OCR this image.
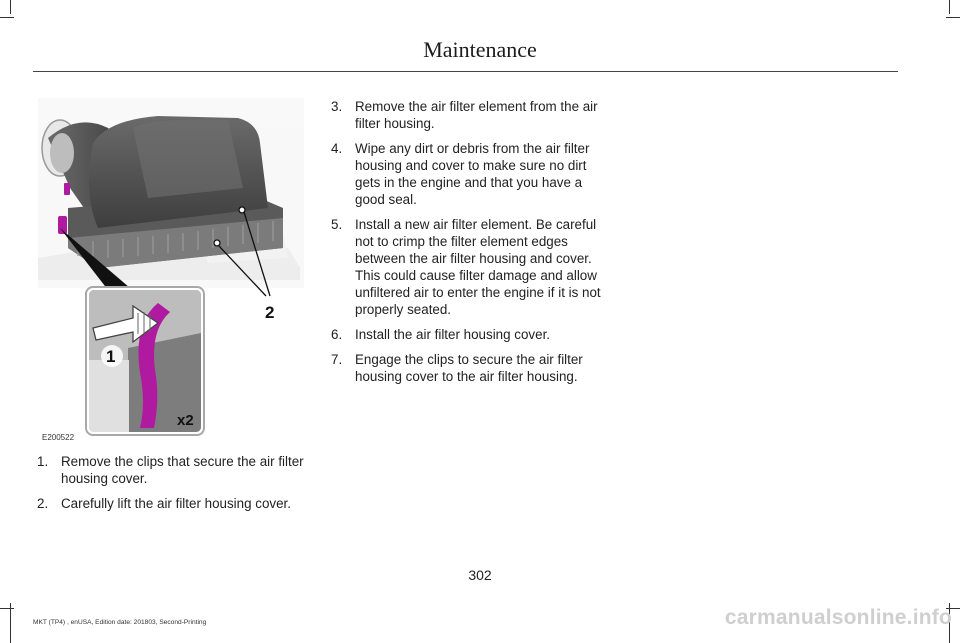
Maintenance
2
1
x2
E200522
1. Remove the clips that secure the air filter housing cover.
2. Carefully lift the air filter housing cover.
3. Remove the air filter element from the air filter housing.
4. Wipe any dirt or debris from the air filter housing and cover to make sure no dirt gets in the engine and that you have a good seal.
5. Install a new air filter element. Be careful not to crimp the filter element edges between the air filter housing and cover. This could cause filter damage and allow unfiltered air to enter the engine if it is not properly seated.
6. Install the air filter housing cover.
7. Engage the clips to secure the air filter housing cover to the air filter housing.
302
MKT (TP4) , enUSA, Edition date: 201803, Second-Printing	carmanualsonline.info
